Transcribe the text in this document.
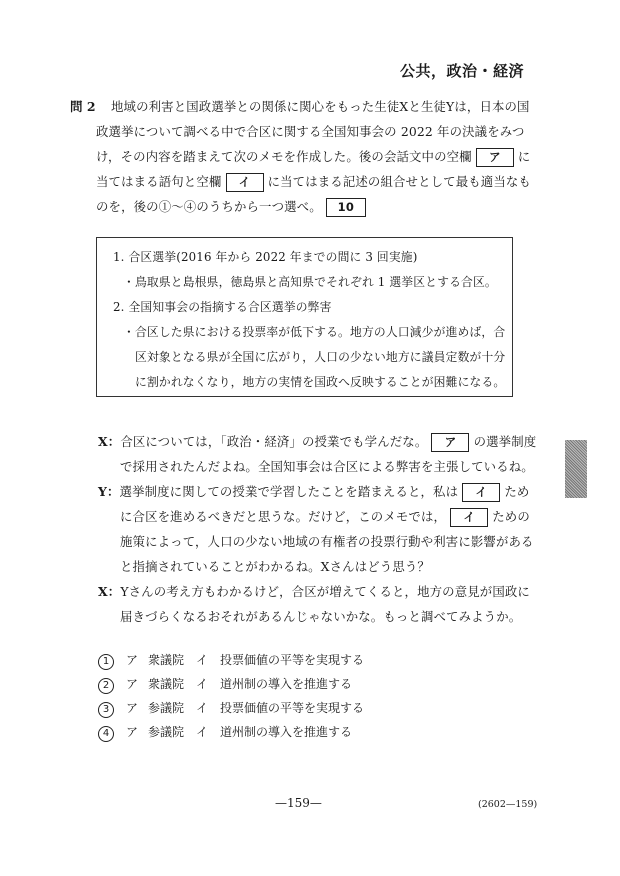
公共，政治・経済
問 2 地域の利害と国政選挙との関係に関心をもった生徒Xと生徒Yは，日本の国
政選挙について調べる中で合区に関する全国知事会の 2022 年の決議をみつ
け，その内容を踏まえて次のメモを作成した。後の会話文中の空欄 ア に
当てはまる語句と空欄 イ に当てはまる記述の組合せとして最も適当なも
のを，後の①～④のうちから一つ選べ。 10
1. 合区選挙(2016 年から 2022 年までの間に 3 回実施)
・鳥取県と島根県，徳島県と高知県でそれぞれ 1 選挙区とする合区。
2. 全国知事会の指摘する合区選挙の弊害
・合区した県における投票率が低下する。地方の人口減少が進めば，合
区対象となる県が全国に広がり，人口の少ない地方に議員定数が十分
に割かれなくなり，地方の実情を国政へ反映することが困難になる。
X：合区については，「政治・経済」の授業でも学んだな。 ア の選挙制度
で採用されたんだよね。全国知事会は合区による弊害を主張しているね。
Y：選挙制度に関しての授業で学習したことを踏まえると，私は イ ため
に合区を進めるべきだと思うな。だけど，このメモでは， イ ための
施策によって，人口の少ない地域の有権者の投票行動や利害に影響がある
と指摘されていることがわかるね。Xさんはどう思う？
X：Yさんの考え方もわかるけど，合区が増えてくると，地方の意見が国政に
届きづらくなるおそれがあるんじゃないかな。もっと調べてみようか。
1 ア 衆議院 イ 投票価値の平等を実現する
2 ア 衆議院 イ 道州制の導入を推進する
3 ア 参議院 イ 投票価値の平等を実現する
4 ア 参議院 イ 道州制の導入を推進する
—159—	(2602—159)
